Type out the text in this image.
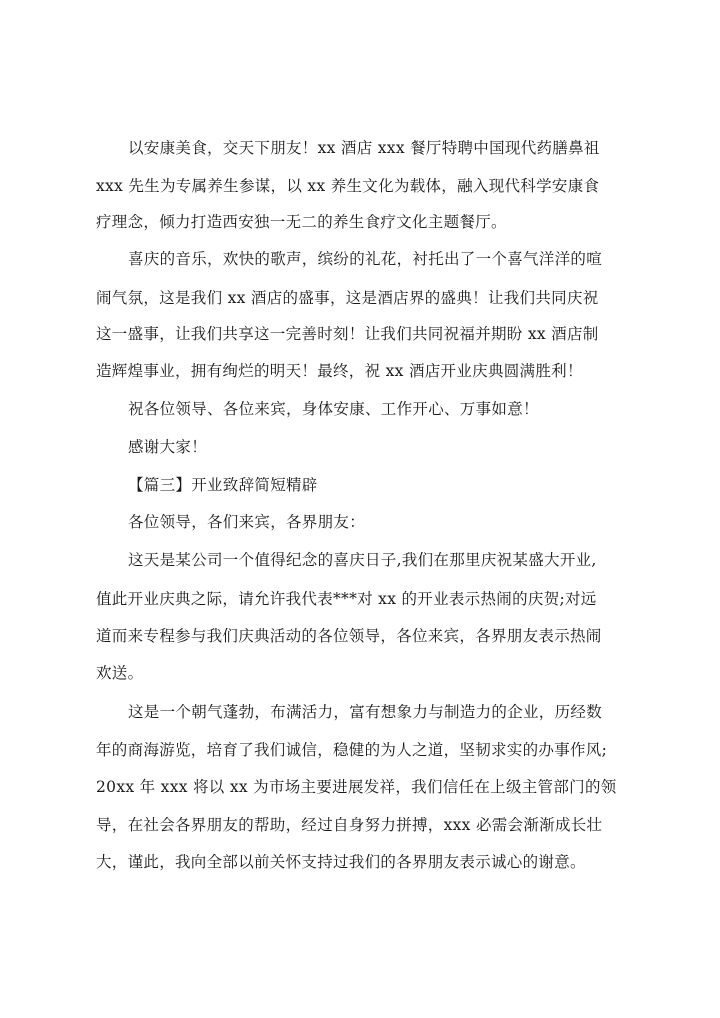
以安康美食，交天下朋友！xx 酒店 xxx 餐厅特聘中国现代药膳鼻祖
xxx 先生为专属养生参谋，以 xx 养生文化为载体，融入现代科学安康食
疗理念，倾力打造西安独一无二的养生食疗文化主题餐厅。
喜庆的音乐，欢快的歌声，缤纷的礼花，衬托出了一个喜气洋洋的喧
闹气氛，这是我们 xx 酒店的盛事，这是酒店界的盛典！让我们共同庆祝
这一盛事，让我们共享这一完善时刻！让我们共同祝福并期盼 xx 酒店制
造辉煌事业，拥有绚烂的明天！最终，祝 xx 酒店开业庆典圆满胜利！
祝各位领导、各位来宾，身体安康、工作开心、万事如意！
感谢大家！
【篇三】开业致辞简短精辟
各位领导，各们来宾，各界朋友：
这天是某公司一个值得纪念的喜庆日子,我们在那里庆祝某盛大开业,
值此开业庆典之际，请允许我代表***对 xx 的开业表示热闹的庆贺;对远
道而来专程参与我们庆典活动的各位领导，各位来宾，各界朋友表示热闹
欢送。
这是一个朝气蓬勃，布满活力，富有想象力与制造力的企业，历经数
年的商海游览，培育了我们诚信，稳健的为人之道，坚韧求实的办事作风;
20xx 年 xxx 将以 xx 为市场主要进展发祥，我们信任在上级主管部门的领
导，在社会各界朋友的帮助，经过自身努力拼搏，xxx 必需会渐渐成长壮
大，谨此，我向全部以前关怀支持过我们的各界朋友表示诚心的谢意。
